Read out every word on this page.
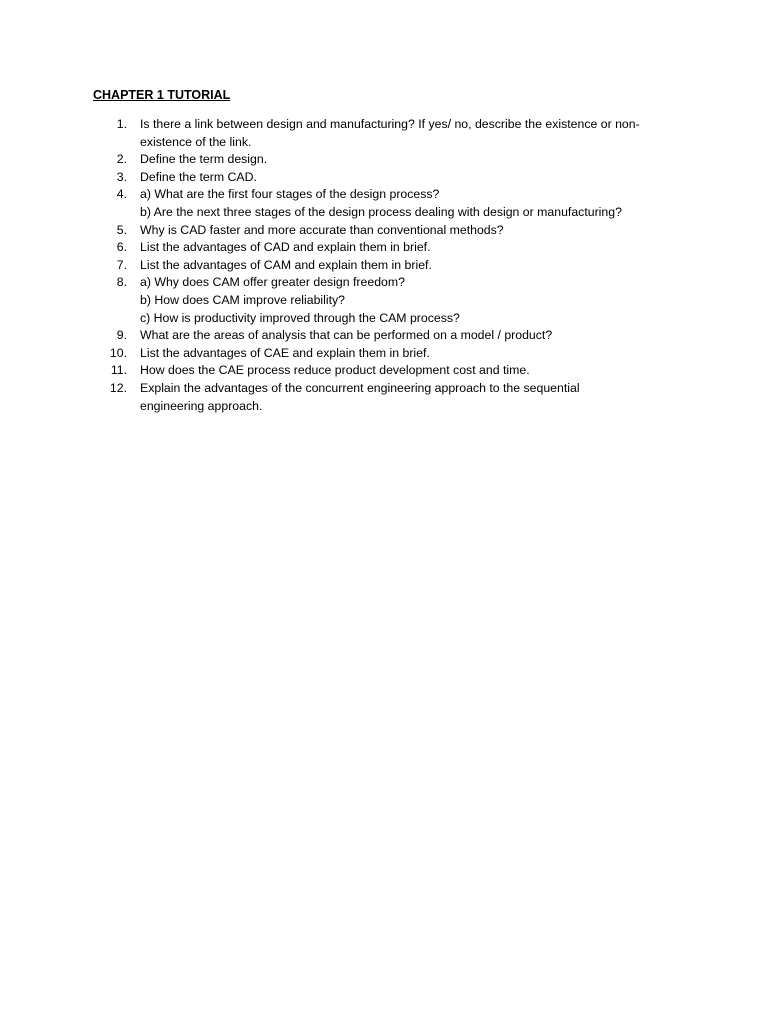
CHAPTER 1 TUTORIAL
1. Is there a link between design and manufacturing? If yes/ no, describe the existence or non-
existence of the link.
2. Define the term design.
3. Define the term CAD.
4. a) What are the first four stages of the design process?
b) Are the next three stages of the design process dealing with design or manufacturing?
5. Why is CAD faster and more accurate than conventional methods?
6. List the advantages of CAD and explain them in brief.
7. List the advantages of CAM and explain them in brief.
8. a) Why does CAM offer greater design freedom?
b) How does CAM improve reliability?
c) How is productivity improved through the CAM process?
9. What are the areas of analysis that can be performed on a model / product?
10. List the advantages of CAE and explain them in brief.
11. How does the CAE process reduce product development cost and time.
12. Explain the advantages of the concurrent engineering approach to the sequential
engineering approach.
